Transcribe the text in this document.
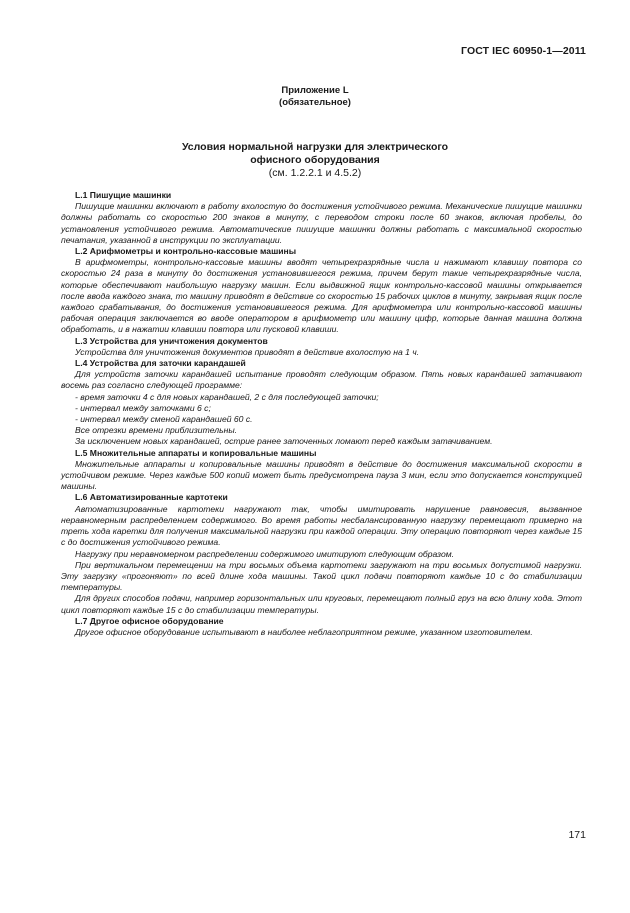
ГОСТ IEC 60950-1—2011
Приложение L
(обязательное)
Условия нормальной нагрузки для электрического
офисного оборудования
(см. 1.2.2.1 и 4.5.2)
L.1 Пишущие машинки

Пишущие машинки включают в работу вхолостую до достижения устойчивого режима. Механические пишущие машинки должны работать со скоростью 200 знаков в минуту, с переводом строки после 60 знаков, включая пробелы, до установления устойчивого режима. Автоматические пишущие машинки должны работать с максимальной скоростью печатания, указанной в инструкции по эксплуатации.

L.2 Арифмометры и контрольно-кассовые машины

В арифмометры, контрольно-кассовые машины вводят четырехразрядные числа и нажимают клавишу повтора со скоростью 24 раза в минуту до достижения установившегося режима, причем берут такие четырехразрядные числа, которые обеспечивают наибольшую нагрузку машин. Если выдвижной ящик контрольно-кассовой машины открывается после ввода каждого знака, то машину приводят в действие со скоростью 15 рабочих циклов в минуту, закрывая ящик после каждого срабатывания, до достижения установившегося режима. Для арифмометра или контрольно-кассовой машины рабочая операция заключается во вводе оператором в арифмометр или машину цифр, которые данная машина должна обработать, и в нажатии клавиши повтора или пусковой клавиши.

L.3 Устройства для уничтожения документов

Устройства для уничтожения документов приводят в действие вхолостую на 1 ч.

L.4 Устройства для заточки карандашей

Для устройств заточки карандашей испытание проводят следующим образом. Пять новых карандашей затачивают восемь раз согласно следующей программе:

- время заточки 4 с для новых карандашей, 2 с для последующей заточки;
- интервал между заточками 6 с;
- интервал между сменой карандашей 60 с.

Все отрезки времени приблизительны.

За исключением новых карандашей, острие ранее заточенных ломают перед каждым затачиванием.

L.5 Множительные аппараты и копировальные машины

Множительные аппараты и копировальные машины приводят в действие до достижения максимальной скорости в устойчивом режиме. Через каждые 500 копий может быть предусмотрена пауза 3 мин, если это допускается конструкцией машины.

L.6 Автоматизированные картотеки

Автоматизированные картотеки нагружают так, чтобы имитировать нарушение равновесия, вызванное неравномерным распределением содержимого. Во время работы несбалансированную нагрузку перемещают примерно на треть хода каретки для получения максимальной нагрузки при каждой операции. Эту операцию повторяют через каждые 15 с до достижения устойчивого режима.

Нагрузку при неравномерном распределении содержимого имитируют следующим образом.

При вертикальном перемещении на три восьмых объема картотеки загружают на три восьмых допустимой нагрузки. Эту загрузку «прогоняют» по всей длине хода машины. Такой цикл подачи повторяют каждые 10 с до стабилизации температуры.

Для других способов подачи, например горизонтальных или круговых, перемещают полный груз на всю длину хода. Этот цикл повторяют каждые 15 с до стабилизации температуры.

L.7 Другое офисное оборудование

Другое офисное оборудование испытывают в наиболее неблагоприятном режиме, указанном изготовителем.

171
